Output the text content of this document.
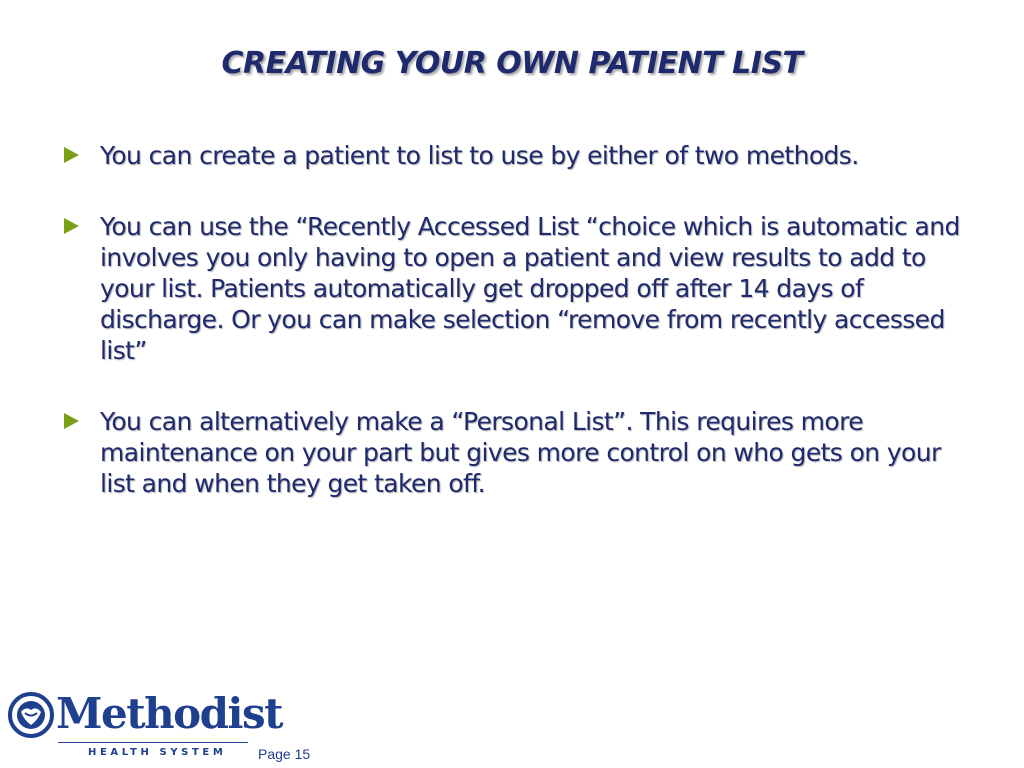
CREATING YOUR OWN PATIENT LIST
You can create a patient to list to use by either of two methods.
You can use the “Recently Accessed List “choice which is automatic and involves you only having to open a patient and view results to add to your list. Patients automatically get dropped off after 14 days of discharge. Or you can make selection “remove from recently accessed list”
You can alternatively make a “Personal List”. This requires more maintenance on your part but gives more control on who gets on your list and when they get taken off.
Methodist
HEALTH SYSTEM Page 15
